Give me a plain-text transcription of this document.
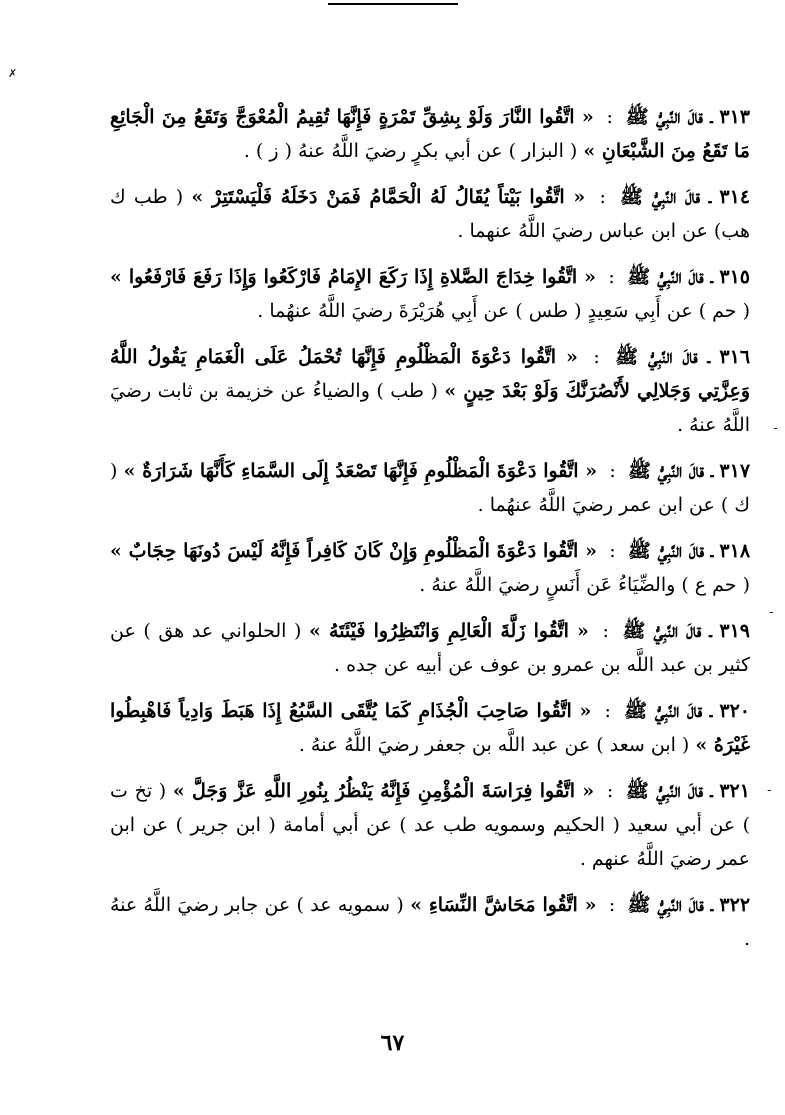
✗
ـ
ـ
ـ

٣١٣ ـ قالَ النَّبِيُّ ﷺ : « اتَّقُوا النَّارَ وَلَوْ بِشِقِّ تَمْرَةٍ فَإِنَّهَا تُقِيمُ الْمُعْوَجَّ وَتَقَعُ مِنَ الْجَائِعِ مَا تَقَعُ مِنَ الشَّبْعَانِ » ( البزار ) عن أبي بكرٍ رضيَ اللَّهُ عنهُ ( ز ) .

٣١٤ ـ قالَ النَّبِيُّ ﷺ : « اتَّقُوا بَيْتاً يُقَالُ لَهُ الْحَمَّامُ فَمَنْ دَخَلَهُ فَلْيَسْتَتِرْ » ( طب ك هب) عن ابن عباس رضيَ اللَّهُ عنهما .

٣١٥ ـ قالَ النَّبِيُّ ﷺ : « اتَّقُوا خِدَاجَ الصَّلاةِ إِذَا رَكَعَ الإِمَامُ فَارْكَعُوا وَإِذَا رَفَعَ فَارْفَعُوا » ( حم ) عن أَبِي سَعِيدٍ ( طس ) عن أَبِي هُرَيْرَةَ رضيَ اللَّهُ عنهُما .

٣١٦ ـ قالَ النَّبِيُّ ﷺ : « اتَّقُوا دَعْوَةَ الْمَظْلُومِ فَإِنَّهَا تُحْمَلُ عَلَى الْغَمَامِ يَقُولُ اللَّهُ وَعِزَّتِي وَجَلالِي لأَنْصُرَنَّكَ وَلَوْ بَعْدَ حِينٍ » ( طب ) والضياءُ عن خزيمة بن ثابت رضيَ اللَّهُ عنهُ .

٣١٧ ـ قالَ النَّبِيُّ ﷺ : « اتَّقُوا دَعْوَةَ الْمَظْلُومِ فَإِنَّهَا تَصْعَدُ إِلَى السَّمَاءِ كَأَنَّهَا شَرَارَةٌ » ( ك ) عن ابن عمر رضيَ اللَّهُ عنهُما .

٣١٨ ـ قالَ النَّبِيُّ ﷺ : « اتَّقُوا دَعْوَةَ الْمَظْلُومِ وَإِنْ كَانَ كَافِراً فَإِنَّهُ لَيْسَ دُونَهَا حِجَابٌ » ( حم ع ) والضِّيَاءُ عَن أَنَسٍ رضيَ اللَّهُ عنهُ .

٣١٩ ـ قالَ النَّبِيُّ ﷺ : « اتَّقُوا زَلَّةَ الْعَالِمِ وَانْتَظِرُوا فَيْئَتَهُ » ( الحلواني عد هق ) عن كثير بن عبد اللَّه بن عمرو بن عوف عن أبيه عن جده .

٣٢٠ ـ قالَ النَّبِيُّ ﷺ : « اتَّقُوا صَاحِبَ الْجُذَامِ كَمَا يُتَّقَى السَّبُعُ إِذَا هَبَطَ وَادِياً فَاهْبِطُوا غَيْرَهُ » ( ابن سعد ) عن عبد اللَّه بن جعفر رضيَ اللَّهُ عنهُ .

٣٢١ ـ قالَ النَّبِيُّ ﷺ : « اتَّقُوا فِرَاسَةَ الْمُؤْمِنِ فَإِنَّهُ يَنْظُرُ بِنُورِ اللَّهِ عَزَّ وَجَلَّ » ( تخ ت ) عن أبي سعيد ( الحكيم وسمويه طب عد ) عن أبي أمامة ( ابن جرير ) عن ابن عمر رضيَ اللَّهُ عنهم .

٣٢٢ ـ قالَ النَّبِيُّ ﷺ : « اتَّقُوا مَحَاشَّ النِّسَاءِ » ( سمويه عد ) عن جابر رضيَ اللَّهُ عنهُ .

٦٧
